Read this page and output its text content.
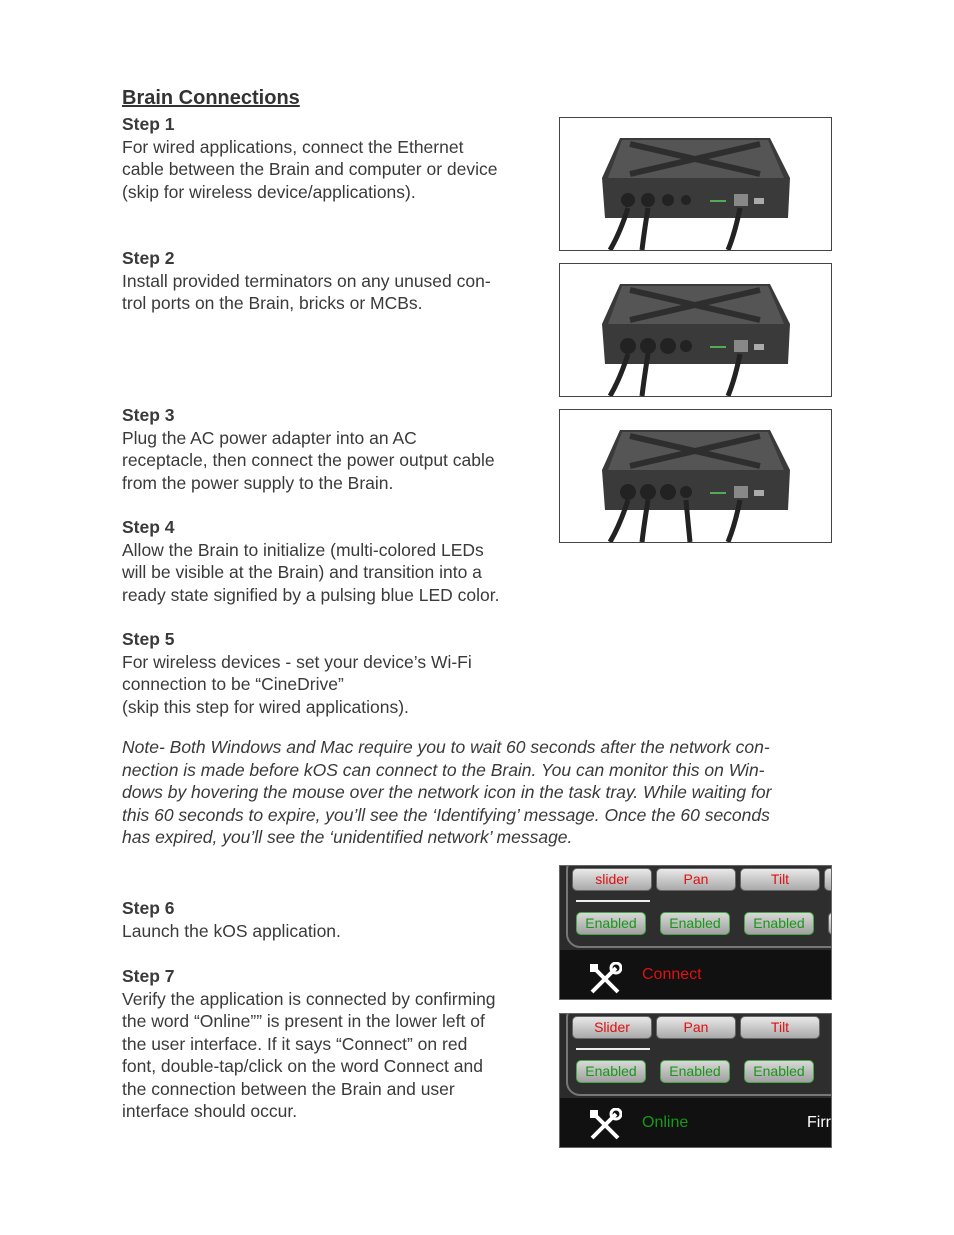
Brain Connections
Step 1
For wired applications, connect the Ethernet
cable between the Brain and computer or device
(skip for wireless device/applications).
Step 2
Install provided terminators on any unused con-
trol ports on the Brain, bricks or MCBs.
Step 3
Plug the AC power adapter into an AC
receptacle, then connect the power output cable
from the power supply to the Brain.
Step 4
Allow the Brain to initialize (multi-colored LEDs
will be visible at the Brain) and transition into a
ready state signified by a pulsing blue LED color.
Step 5
For wireless devices - set your device’s Wi-Fi
connection to be “CineDrive”
(skip this step for wired applications).
Note- Both Windows and Mac require you to wait 60 seconds after the network con-
nection is made before kOS can connect to the Brain. You can monitor this on Win-
dows by hovering the mouse over the network icon in the task tray. While waiting for
this 60 seconds to expire, you’ll see the ‘Identifying’ message. Once the 60 seconds
has expired, you’ll see the ‘unidentified network’ message.
Step 6
Launch the kOS application.
Step 7
Verify the application is connected by confirming
the word “Online”” is present in the lower left of
the user interface. If it says “Connect” on red
font, double-tap/click on the word Connect and
the connection between the Brain and user
interface should occur.
slider	Pan	Tilt
Enabled	Enabled	Enabled
Connect
Slider	Pan	Tilt
Enabled	Enabled	Enabled
Online	Firr
